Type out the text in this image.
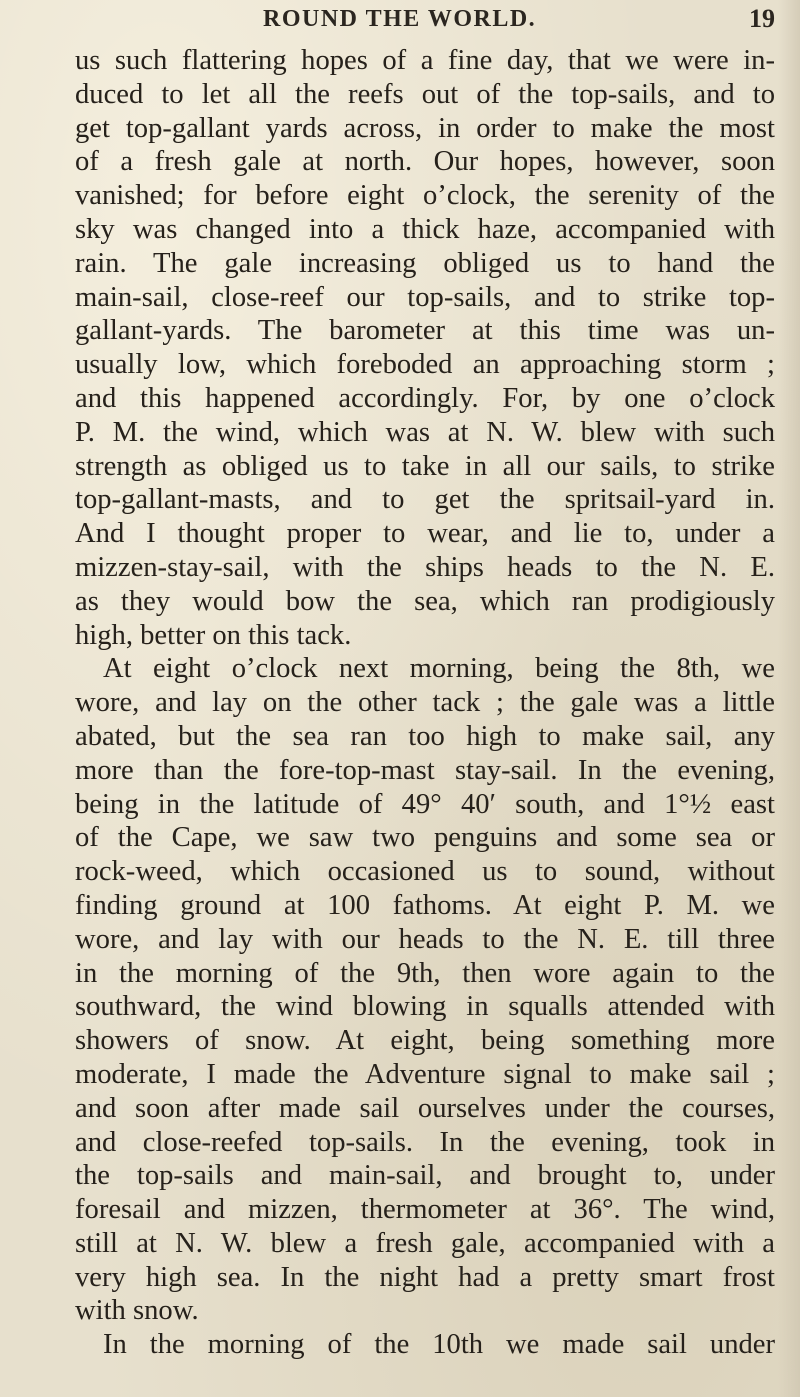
ROUND THE WORLD.	19
us such flattering hopes of a fine day, that we were in-
duced to let all the reefs out of the top-sails, and to
get top-gallant yards across, in order to make the most
of a fresh gale at north. Our hopes, however, soon
vanished; for before eight o’clock, the serenity of the
sky was changed into a thick haze, accompanied with
rain. The gale increasing obliged us to hand the
main-sail, close-reef our top-sails, and to strike top-
gallant-yards. The barometer at this time was un-
usually low, which foreboded an approaching storm ;
and this happened accordingly. For, by one o’clock
P. M. the wind, which was at N. W. blew with such
strength as obliged us to take in all our sails, to strike
top-gallant-masts, and to get the spritsail-yard in.
And I thought proper to wear, and lie to, under a
mizzen-stay-sail, with the ships heads to the N. E.
as they would bow the sea, which ran prodigiously
high, better on this tack.
At eight o’clock next morning, being the 8th, we
wore, and lay on the other tack ; the gale was a little
abated, but the sea ran too high to make sail, any
more than the fore-top-mast stay-sail. In the evening,
being in the latitude of 49° 40′ south, and 1°½ east
of the Cape, we saw two penguins and some sea or
rock-weed, which occasioned us to sound, without
finding ground at 100 fathoms. At eight P. M. we
wore, and lay with our heads to the N. E. till three
in the morning of the 9th, then wore again to the
southward, the wind blowing in squalls attended with
showers of snow. At eight, being something more
moderate, I made the Adventure signal to make sail ;
and soon after made sail ourselves under the courses,
and close-reefed top-sails. In the evening, took in
the top-sails and main-sail, and brought to, under
foresail and mizzen, thermometer at 36°. The wind,
still at N. W. blew a fresh gale, accompanied with a
very high sea. In the night had a pretty smart frost
with snow.
In the morning of the 10th we made sail under
